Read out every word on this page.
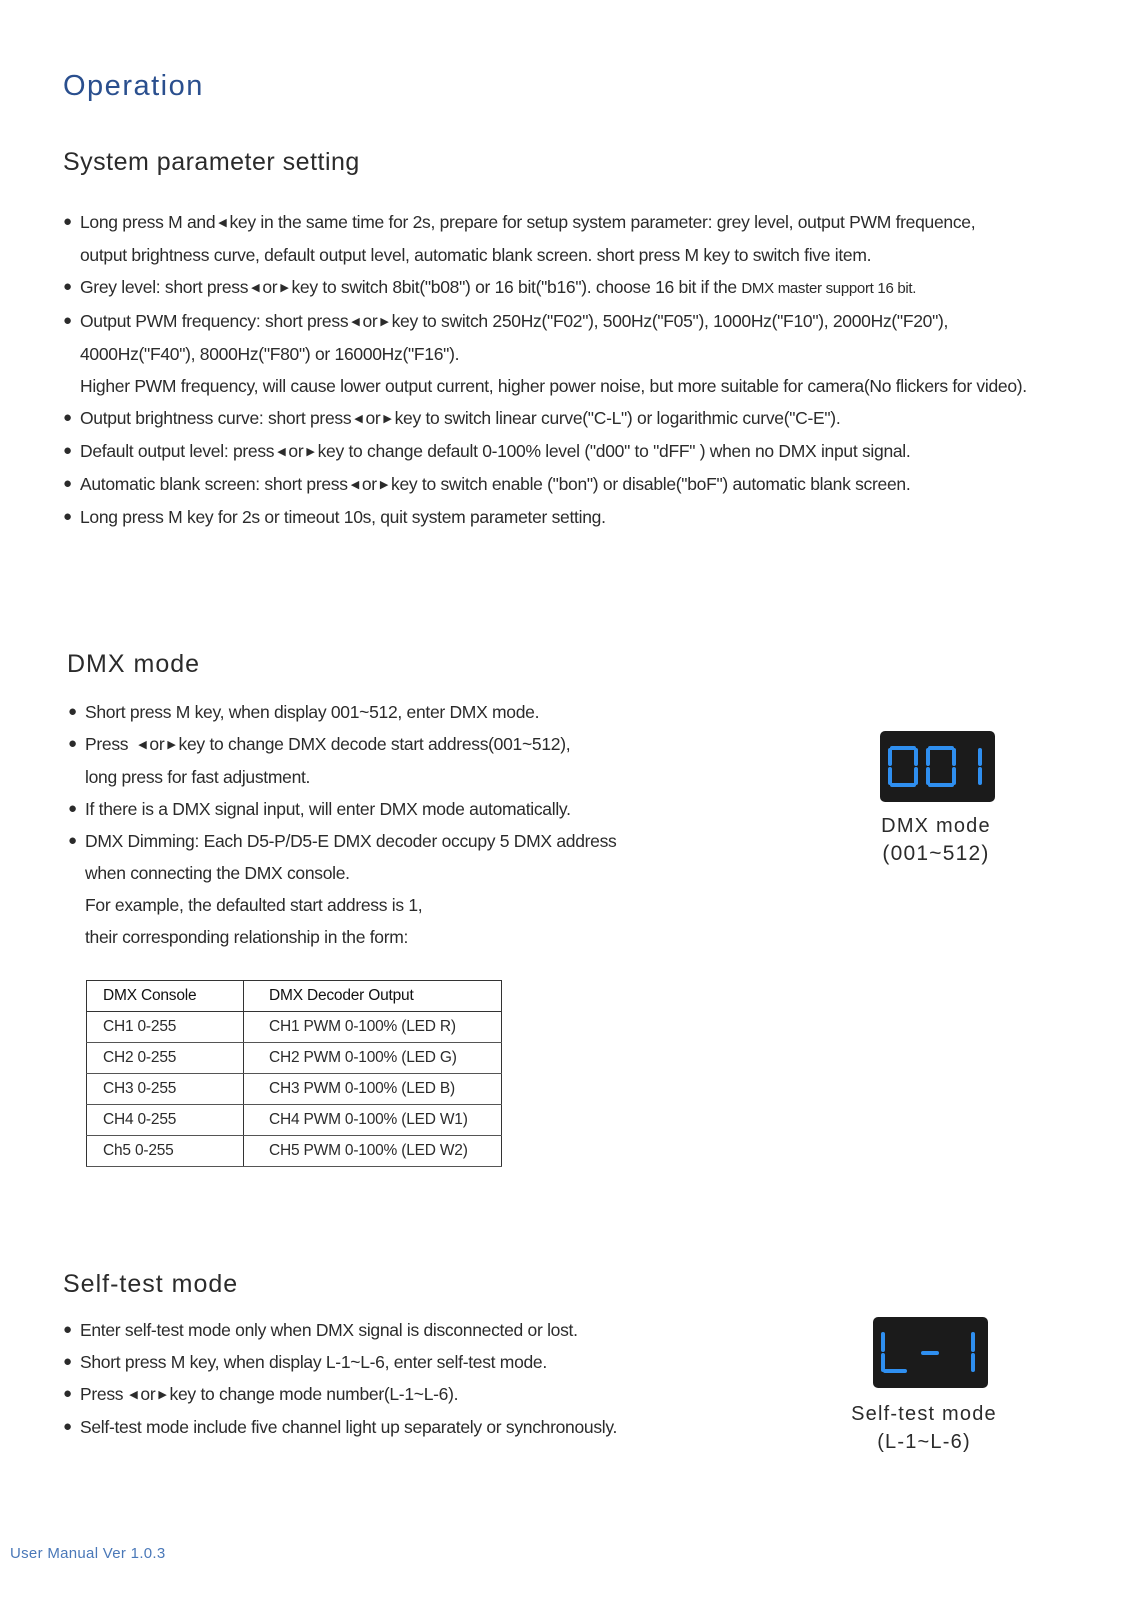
Operation
System parameter setting
● Long press M and ◀ key in the same time for 2s, prepare for setup system parameter: grey level, output PWM frequence,
output brightness curve, default output level, automatic blank screen. short press M key to switch five item.
● Grey level: short press ◀ or ▶ key to switch 8bit("b08") or 16 bit("b16"). choose 16 bit if the DMX master support 16 bit.
● Output PWM frequency: short press ◀ or ▶ key to switch 250Hz("F02"), 500Hz("F05"), 1000Hz("F10"), 2000Hz("F20"),
4000Hz("F40"), 8000Hz("F80") or 16000Hz("F16").
Higher PWM frequency, will cause lower output current, higher power noise, but more suitable for camera(No flickers for video).
● Output brightness curve: short press ◀ or ▶ key to switch linear curve("C-L") or logarithmic curve("C-E").
● Default output level: press ◀ or ▶ key to change default 0-100% level ("d00" to "dFF" ) when no DMX input signal.
● Automatic blank screen: short press ◀ or ▶ key to switch enable ("bon") or disable("boF") automatic blank screen.
● Long press M key for 2s or timeout 10s, quit system parameter setting.
DMX mode
● Short press M key, when display 001~512, enter DMX mode.
● Press ◀ or ▶ key to change DMX decode start address(001~512),
long press for fast adjustment.
● If there is a DMX signal input, will enter DMX mode automatically.
● DMX Dimming: Each D5-P/D5-E DMX decoder occupy 5 DMX address
when connecting the DMX console.
For example, the defaulted start address is 1,
their corresponding relationship in the form:
DMX mode
(001~512)
DMX Console	DMX Decoder Output
CH1 0-255	CH1 PWM 0-100% (LED R)
CH2 0-255	CH2 PWM 0-100% (LED G)
CH3 0-255	CH3 PWM 0-100% (LED B)
CH4 0-255	CH4 PWM 0-100% (LED W1)
Ch5 0-255	CH5 PWM 0-100% (LED W2)
Self-test mode
● Enter self-test mode only when DMX signal is disconnected or lost.
● Short press M key, when display L-1~L-6, enter self-test mode.
● Press ◀ or ▶ key to change mode number(L-1~L-6).
● Self-test mode include five channel light up separately or synchronously.
Self-test mode
(L-1~L-6)
User Manual Ver 1.0.3
